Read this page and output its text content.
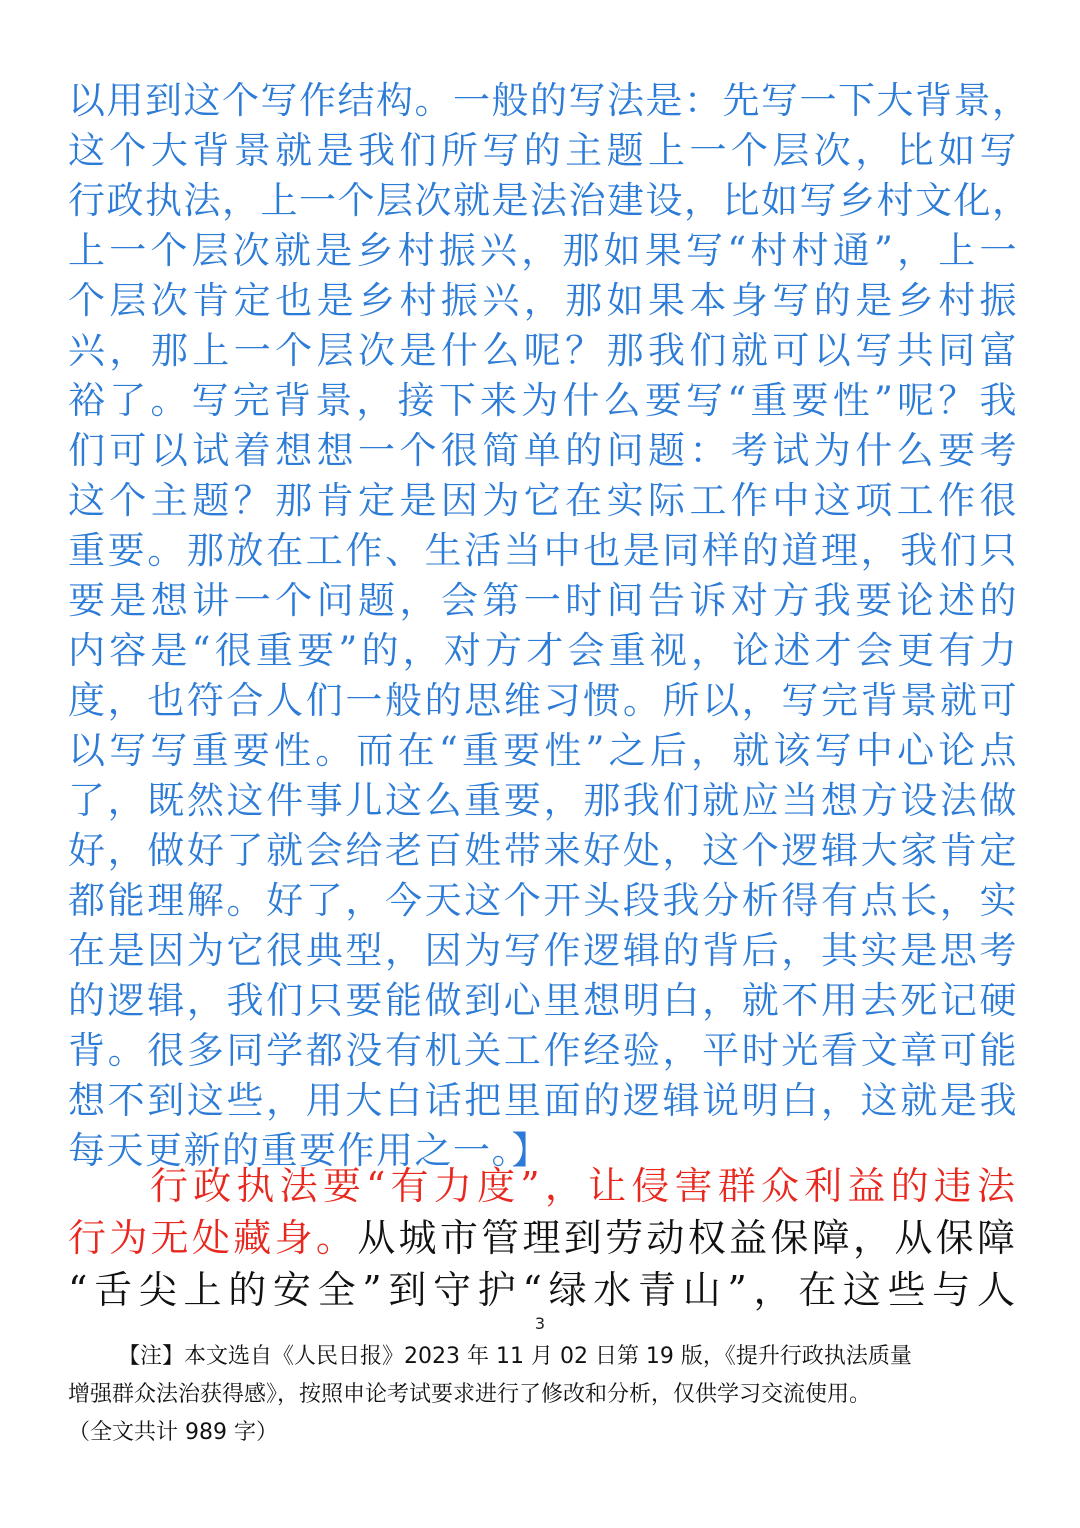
以用到这个写作结构。一般的写法是：先写一下大背景，
这个大背景就是我们所写的主题上一个层次，比如写
行政执法，上一个层次就是法治建设，比如写乡村文化，
上一个层次就是乡村振兴，那如果写“村村通”，上一
个层次肯定也是乡村振兴，那如果本身写的是乡村振
兴，那上一个层次是什么呢？那我们就可以写共同富
裕了。写完背景，接下来为什么要写“重要性”呢？我
们可以试着想想一个很简单的问题：考试为什么要考
这个主题？那肯定是因为它在实际工作中这项工作很
重要。那放在工作、生活当中也是同样的道理，我们只
要是想讲一个问题，会第一时间告诉对方我要论述的
内容是“很重要”的，对方才会重视，论述才会更有力
度，也符合人们一般的思维习惯。所以，写完背景就可
以写写重要性。而在“重要性”之后，就该写中心论点
了，既然这件事儿这么重要，那我们就应当想方设法做
好，做好了就会给老百姓带来好处，这个逻辑大家肯定
都能理解。好了，今天这个开头段我分析得有点长，实
在是因为它很典型，因为写作逻辑的背后，其实是思考
的逻辑，我们只要能做到心里想明白，就不用去死记硬
背。很多同学都没有机关工作经验，平时光看文章可能
想不到这些，用大白话把里面的逻辑说明白，这就是我
每天更新的重要作用之一。】
行政执法要“有力度”，让侵害群众利益的违法
行为无处藏身。从城市管理到劳动权益保障，从保障
“舌尖上的安全”到守护“绿水青山”，在这些与人
3
【注】本文选自《人民日报》2023 年 11 月 02 日第 19 版，《提升行政执法质量
增强群众法治获得感》，按照申论考试要求进行了修改和分析，仅供学习交流使用。
（全文共计 989 字）
